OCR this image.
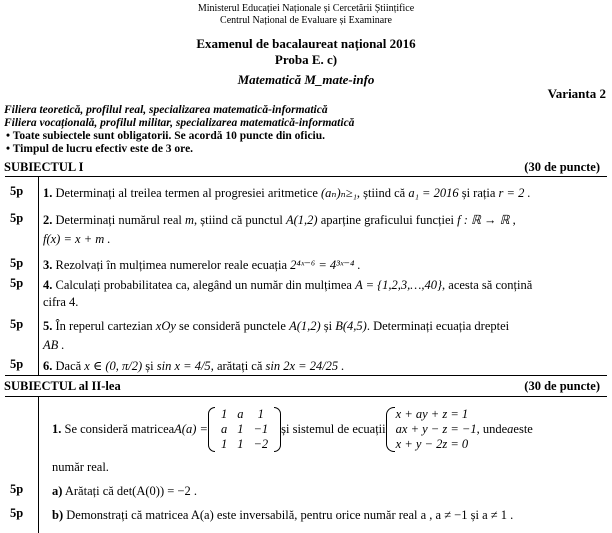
Ministerul Educației Naționale și Cercetării Științifice
Centrul Național de Evaluare și Examinare
Examenul de bacalaureat național 2016
Proba E. c)
Matematică M_mate-info
Varianta 2
Filiera teoretică, profilul real, specializarea matematică-informatică
Filiera vocațională, profilul militar, specializarea matematică-informatică
• Toate subiectele sunt obligatorii. Se acordă 10 puncte din oficiu.
• Timpul de lucru efectiv este de 3 ore.
SUBIECTUL I	(30 de puncte)
5p 1. Determinați al treilea termen al progresiei aritmetice (aₙ)ₙ≥₁, știind că a₁ = 2016 și rația r = 2 .
5p 2. Determinați numărul real m, știind că punctul A(1,2) aparține graficului funcției f : ℝ → ℝ ,
f(x) = x + m .
5p 3. Rezolvați în mulțimea numerelor reale ecuația 2⁴ˣ⁻⁶ = 4³ˣ⁻⁴ .
5p 4. Calculați probabilitatea ca, alegând un număr din mulțimea A = {1,2,3,…,40}, acesta să conțină
cifra 4.
5p 5. În reperul cartezian xOy se consideră punctele A(1,2) și B(4,5). Determinați ecuația dreptei
AB .
5p 6. Dacă x ∈ (0, π/2) și sin x = 4/5, arătați că sin 2x = 24/25 .
SUBIECTUL al II-lea	(30 de puncte)
1.
Se consideră matricea A(a) =
1	a	1
a	1	−1
1	1	−2
și sistemul de ecuații
x + ay + z = 1
ax + y − z = −1
x + y − 2z = 0
, unde a este
număr real.
5p a) Arătați că det(A(0)) = −2 .
5p b) Demonstrați că matricea A(a) este inversabilă, pentru orice număr real a , a ≠ −1 și a ≠ 1 .
